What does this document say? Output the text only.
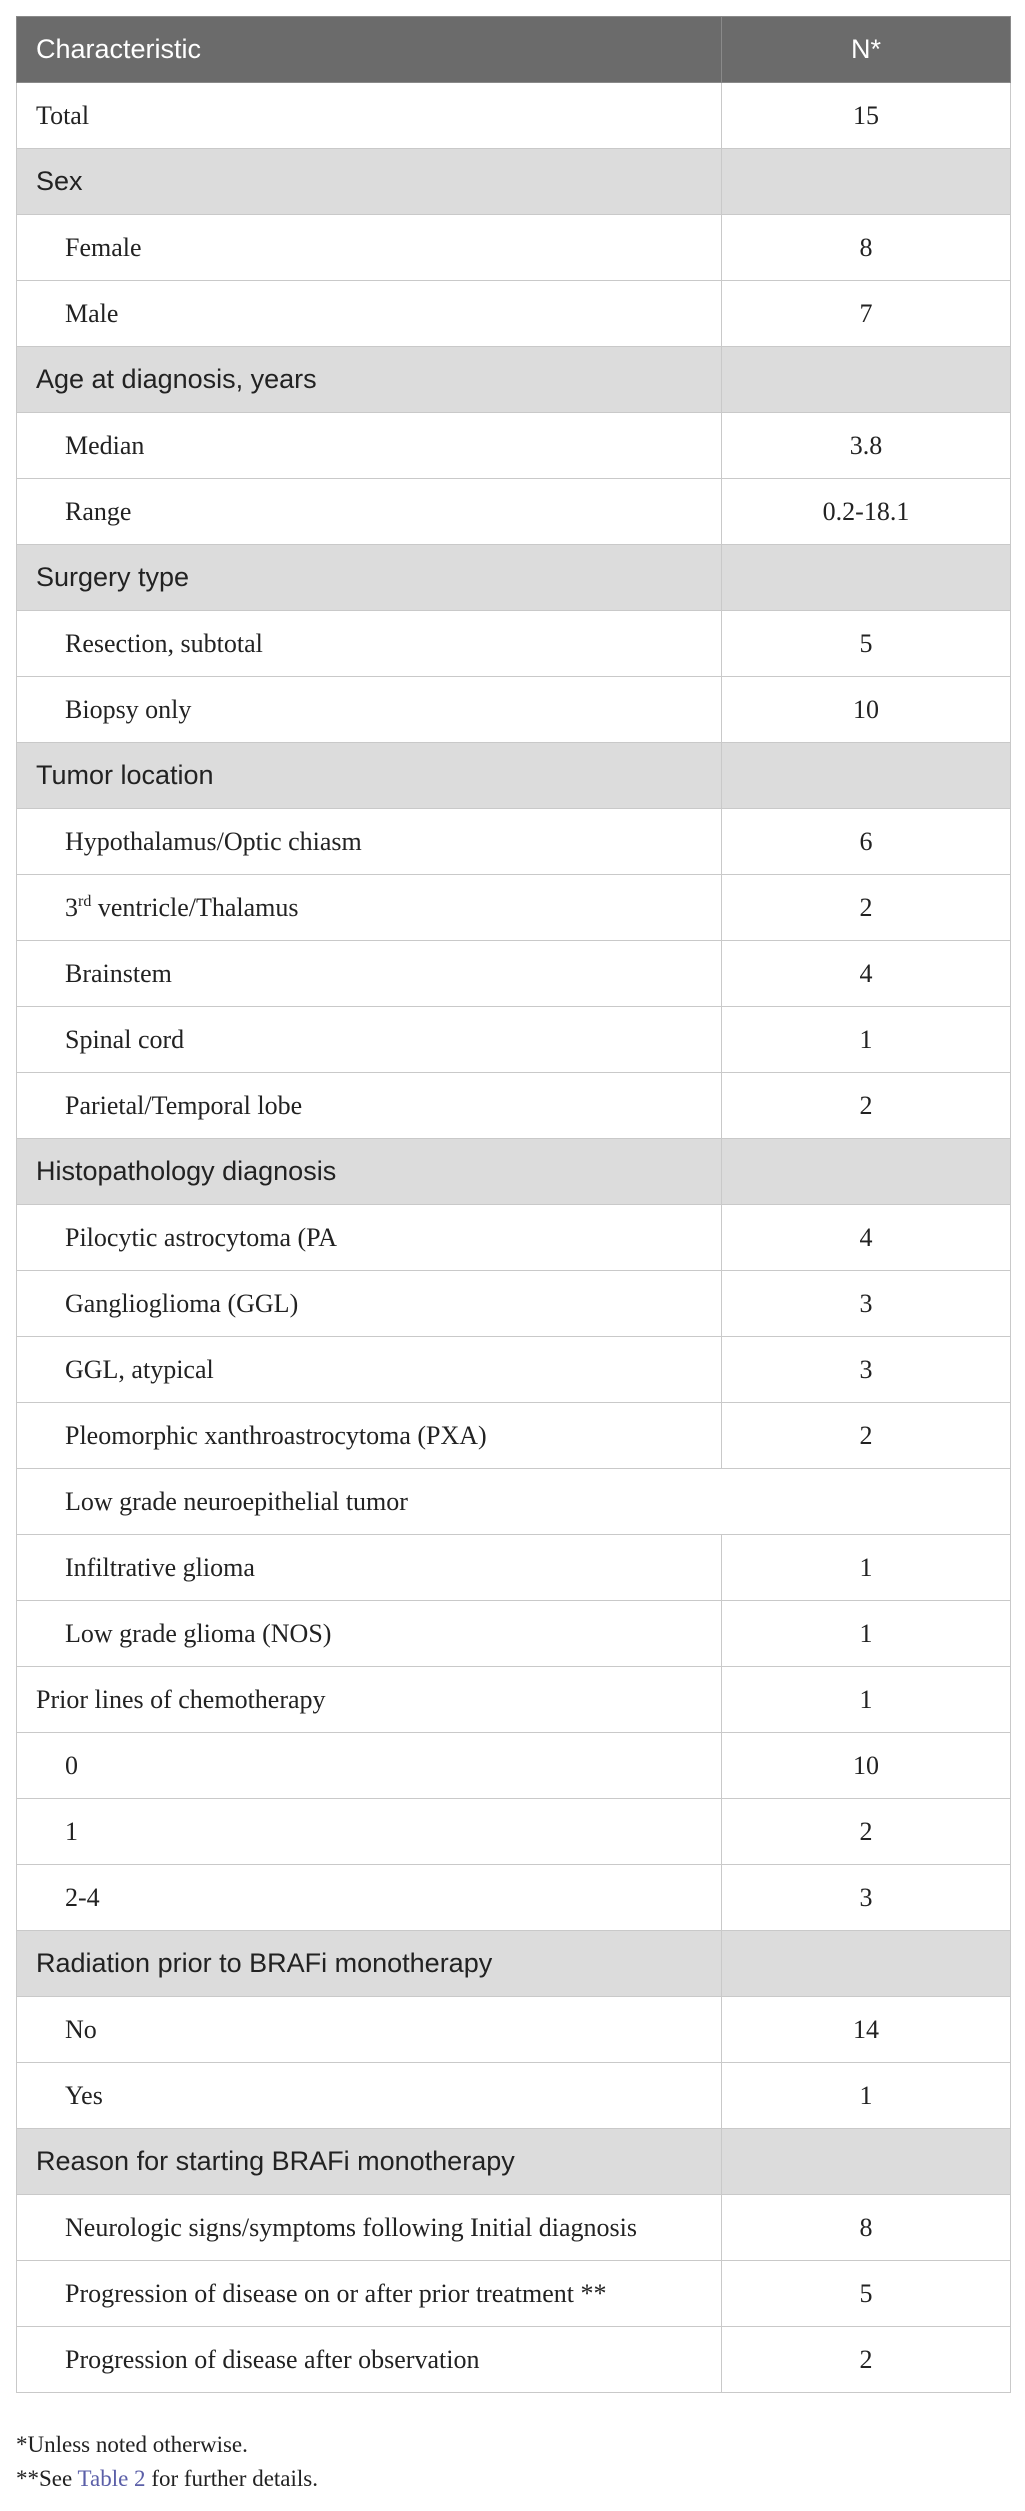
Characteristic	N*
Total	15
Sex	
Female	8
Male	7
Age at diagnosis, years	
Median	3.8
Range	0.2-18.1
Surgery type	
Resection, subtotal	5
Biopsy only	10
Tumor location	
Hypothalamus/Optic chiasm	6
3rd ventricle/Thalamus	2
Brainstem	4
Spinal cord	1
Parietal/Temporal lobe	2
Histopathology diagnosis	
Pilocytic astrocytoma (PA	4
Ganglioglioma (GGL)	3
GGL, atypical	3
Pleomorphic xanthroastrocytoma (PXA)	2
Low grade neuroepithelial tumor	
Infiltrative glioma	1
Low grade glioma (NOS)	1
Prior lines of chemotherapy	1
0	10
1	2
2-4	3
Radiation prior to BRAFi monotherapy	
No	14
Yes	1
Reason for starting BRAFi monotherapy	
Neurologic signs/symptoms following Initial diagnosis	8
Progression of disease on or after prior treatment **	5
Progression of disease after observation	2
*Unless noted otherwise.
**See Table 2 for further details.
